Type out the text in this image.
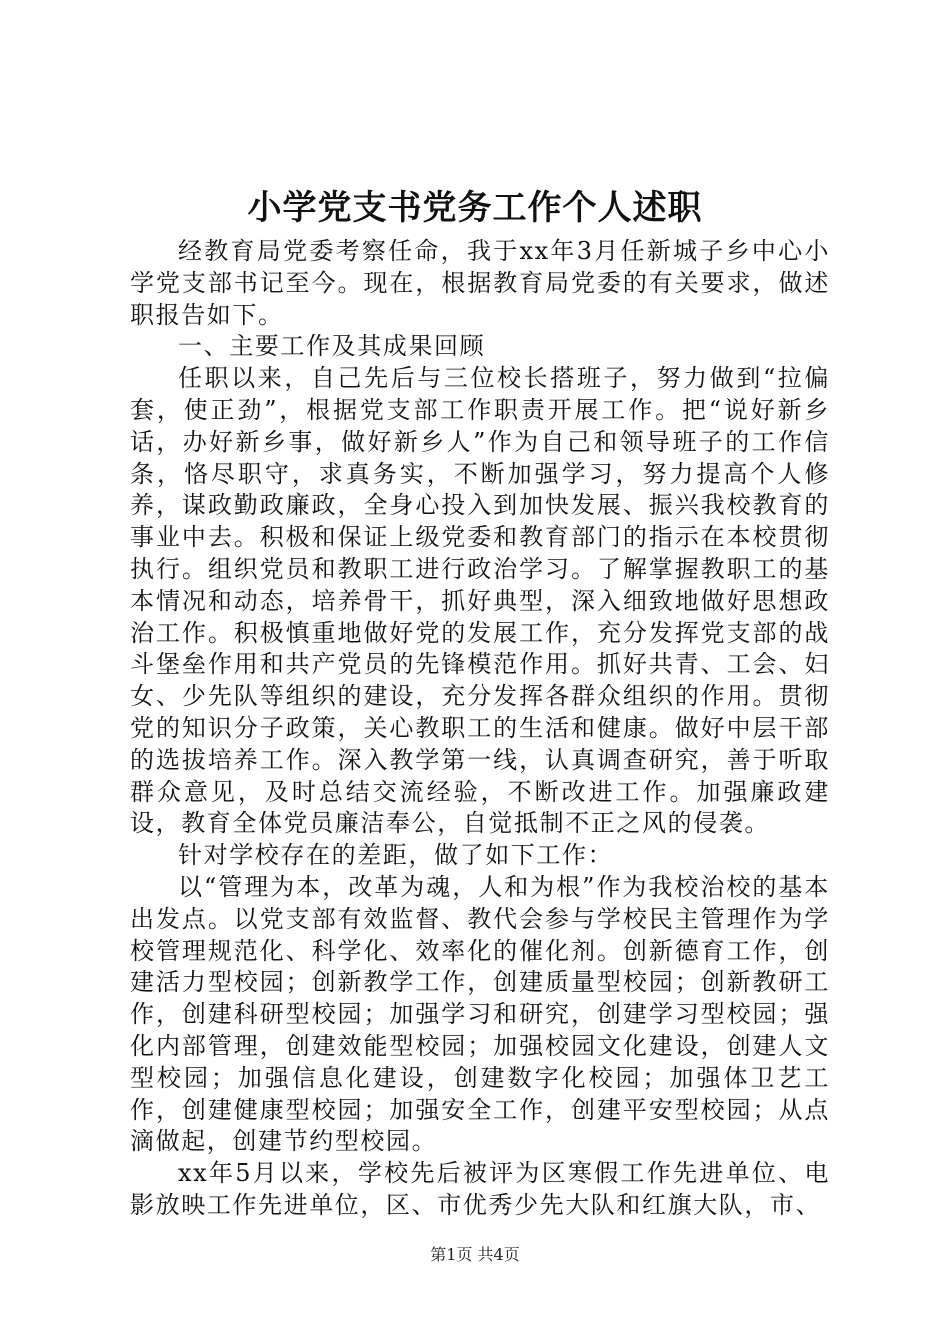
小学党支书党务工作个人述职

经教育局党委考察任命，我于xx年3月任新城子乡中心小学党支部书记至今。现在，根据教育局党委的有关要求，做述职报告如下。

一、主要工作及其成果回顾

任职以来，自己先后与三位校长搭班子，努力做到“拉偏套，使正劲”，根据党支部工作职责开展工作。把“说好新乡话，办好新乡事，做好新乡人”作为自己和领导班子的工作信条，恪尽职守，求真务实，不断加强学习，努力提高个人修养，谋政勤政廉政，全身心投入到加快发展、振兴我校教育的事业中去。积极和保证上级党委和教育部门的指示在本校贯彻执行。组织党员和教职工进行政治学习。了解掌握教职工的基本情况和动态，培养骨干，抓好典型，深入细致地做好思想政治工作。积极慎重地做好党的发展工作，充分发挥党支部的战斗堡垒作用和共产党员的先锋模范作用。抓好共青、工会、妇女、少先队等组织的建设，充分发挥各群众组织的作用。贯彻党的知识分子政策，关心教职工的生活和健康。做好中层干部的选拔培养工作。深入教学第一线，认真调查研究，善于听取群众意见，及时总结交流经验，不断改进工作。加强廉政建设，教育全体党员廉洁奉公，自觉抵制不正之风的侵袭。

针对学校存在的差距，做了如下工作：

以“管理为本，改革为魂，人和为根”作为我校治校的基本出发点。以党支部有效监督、教代会参与学校民主管理作为学校管理规范化、科学化、效率化的催化剂。创新德育工作，创建活力型校园；创新教学工作，创建质量型校园；创新教研工作，创建科研型校园；加强学习和研究，创建学习型校园；强化内部管理，创建效能型校园；加强校园文化建设，创建人文型校园；加强信息化建设，创建数字化校园；加强体卫艺工作，创建健康型校园；加强安全工作，创建平安型校园；从点滴做起，创建节约型校园。

xx年5月以来，学校先后被评为区寒假工作先进单位、电影放映工作先进单位，区、市优秀少先大队和红旗大队，市、

第1页 共4页
